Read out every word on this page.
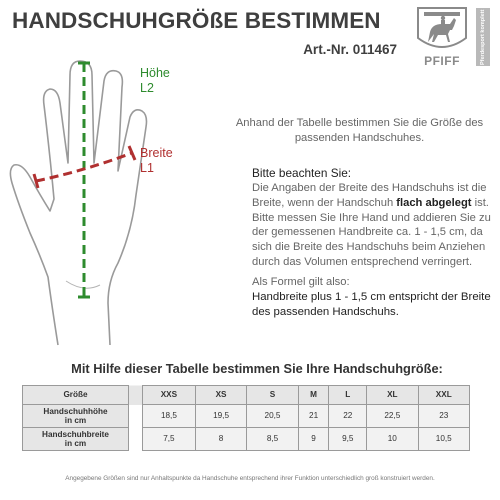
HANDSCHUHGRÖßE BESTIMMEN
Art.-Nr. 011467
PFIFF	Pferdesport komplett
Höhe
L2
Breite
L1
Anhand der Tabelle bestimmen Sie die Größe des passenden Handschuhes.
Bitte beachten Sie:
Die Angaben der Breite des Handschuhs ist die Breite, wenn der Handschuh flach abgelegt ist. Bitte messen Sie Ihre Hand und addieren Sie zu der gemessenen Handbreite ca. 1 - 1,5 cm, da sich die Breite des Handschuhs beim Anziehen durch das Volumen entsprechend verringert.
Als Formel gilt also:
Handbreite plus 1 - 1,5 cm entspricht der Breite des passenden Handschuhs.
Mit Hilfe dieser Tabelle bestimmen Sie Ihre Handschuhgröße:
Größe		XXS	XS	S	M	L	XL	XXL
Handschuhhöhe
in cm		18,5	19,5	20,5	21	22	22,5	23
Handschuhbreite
in cm		7,5	8	8,5	9	9,5	10	10,5
Angegebene Größen sind nur Anhaltspunkte da Handschuhe entsprechend ihrer Funktion unterschiedlich groß konstruiert werden.
